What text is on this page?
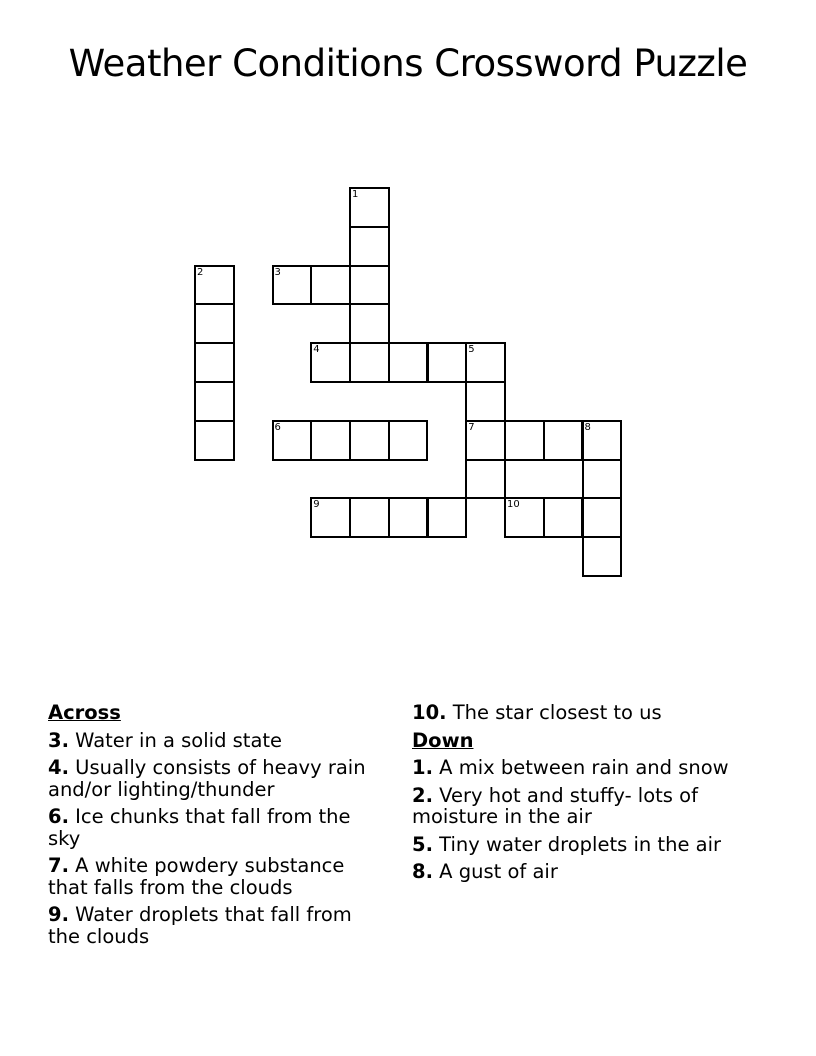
Weather Conditions Crossword Puzzle
1
2	3
4	5
6	7	8
9	10
Across
3. Water in a solid state
4. Usually consists of heavy rain and/or lighting/thunder
6. Ice chunks that fall from the sky
7. A white powdery substance that falls from the clouds
9. Water droplets that fall from the clouds
10. The star closest to us
Down
1. A mix between rain and snow
2. Very hot and stuffy- lots of moisture in the air
5. Tiny water droplets in the air
8. A gust of air
